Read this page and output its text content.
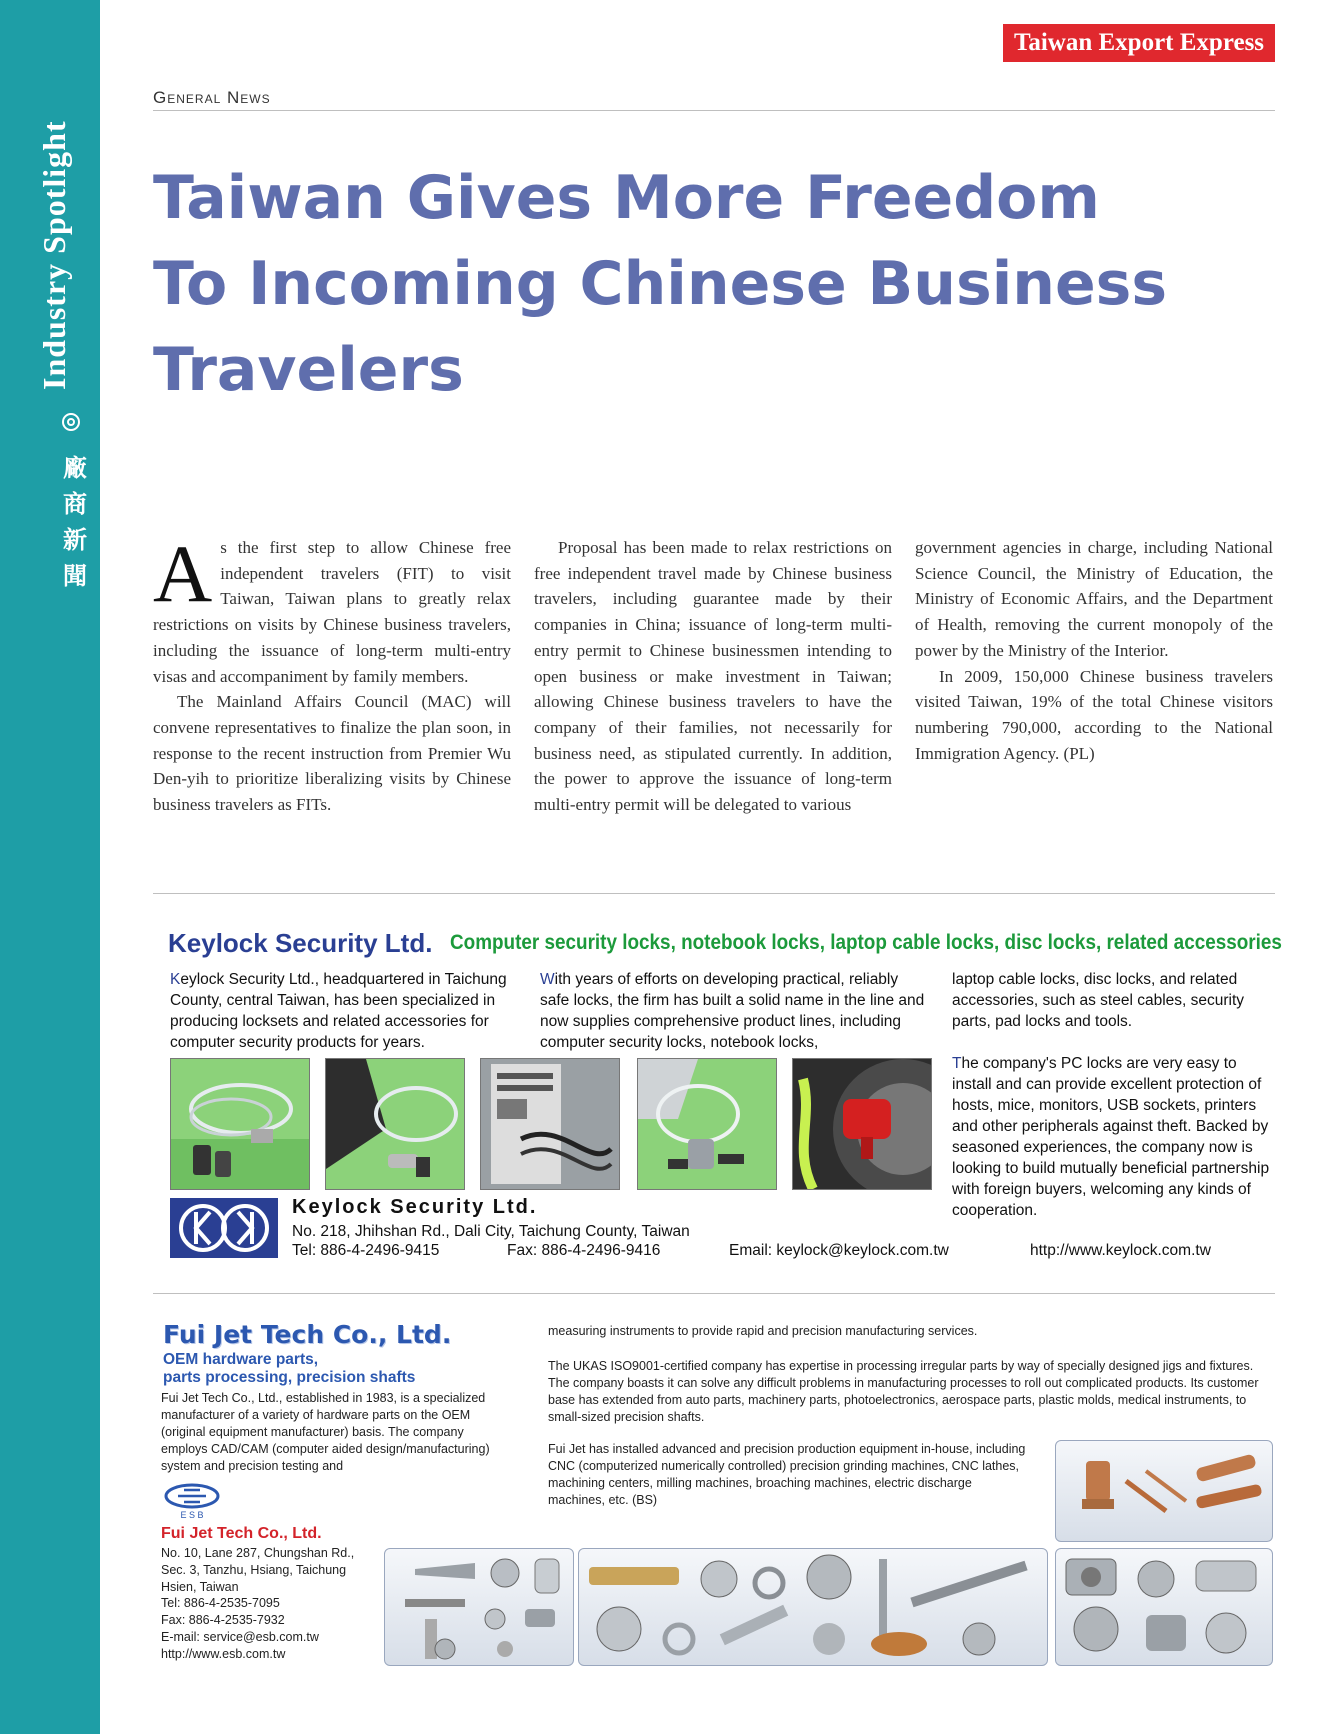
Industry Spotlight
廠
商
新
聞
Taiwan Export Express
General News
Taiwan Gives More Freedom
To Incoming Chinese Business
Travelers

As the first step to allow Chinese free independent travelers (FIT) to visit Taiwan, Taiwan plans to greatly relax restrictions on visits by Chinese business travelers, including the issuance of long-term multi-entry visas and accompaniment by family members.

The Mainland Affairs Council (MAC) will convene representatives to finalize the plan soon, in response to the recent instruction from Premier Wu Den-yih to prioritize liberalizing visits by Chinese business travelers as FITs.

Proposal has been made to relax restrictions on free independent travel made by Chinese business travelers, including guarantee made by their companies in China; issuance of long-term multi-entry permit to Chinese businessmen intending to open business or make investment in Taiwan; allowing Chinese business travelers to have the company of their families, not necessarily for business need, as stipulated currently. In addition, the power to approve the issuance of long-term multi-entry permit will be delegated to various

government agencies in charge, including National Science Council, the Ministry of Education, the Ministry of Economic Affairs, and the Department of Health, removing the current monopoly of the power by the Ministry of the Interior.

In 2009, 150,000 Chinese business travelers visited Taiwan, 19% of the total Chinese visitors numbering 790,000, according to the National Immigration Agency. (PL)

Keylock Security Ltd. Computer security locks, notebook locks, laptop cable locks, disc locks, related accessories
Keylock Security Ltd., headquartered in Taichung County, central Taiwan, has been specialized in producing locksets and related accessories for computer security products for years.
With years of efforts on developing practical, reliably safe locks, the firm has built a solid name in the line and now supplies comprehensive product lines, including computer security locks, notebook locks,
laptop cable locks, disc locks, and related accessories, such as steel cables, security parts, pad locks and tools.
The company's PC locks are very easy to install and can provide excellent protection of hosts, mice, monitors, USB sockets, printers and other peripherals against theft. Backed by seasoned experiences, the company now is looking to build mutually beneficial partnership with foreign buyers, welcoming any kinds of cooperation.
Keylock Security Ltd.
No. 218, Jhihshan Rd., Dali City, Taichung County, Taiwan
Tel: 886-4-2496-9415	Fax: 886-4-2496-9416	Email: keylock@keylock.com.tw	http://www.keylock.com.tw
Fui Jet Tech Co., Ltd.
OEM hardware parts,
parts processing, precision shafts
Fui Jet Tech Co., Ltd., established in 1983, is a specialized manufacturer of a variety of hardware parts on the OEM (original equipment manufacturer) basis. The company employs CAD/CAM (computer aided design/manufacturing) system and precision testing and
measuring instruments to provide rapid and precision manufacturing services.
The UKAS ISO9001-certified company has expertise in processing irregular parts by way of specially designed jigs and fixtures. The company boasts it can solve any difficult problems in manufacturing processes to roll out complicated products. Its customer base has extended from auto parts, machinery parts, photoelectronics, aerospace parts, plastic molds, medical instruments, to small-sized precision shafts.
Fui Jet has installed advanced and precision production equipment in-house, including CNC (computerized numerically controlled) precision grinding machines, CNC lathes, machining centers, milling machines, broaching machines, electric discharge machines, etc. (BS)
E S B
Fui Jet Tech Co., Ltd.
No. 10, Lane 287, Chungshan Rd.,
Sec. 3, Tanzhu, Hsiang, Taichung
Hsien, Taiwan
Tel: 886-4-2535-7095
Fax: 886-4-2535-7932
E-mail: service@esb.com.tw
http://www.esb.com.tw
